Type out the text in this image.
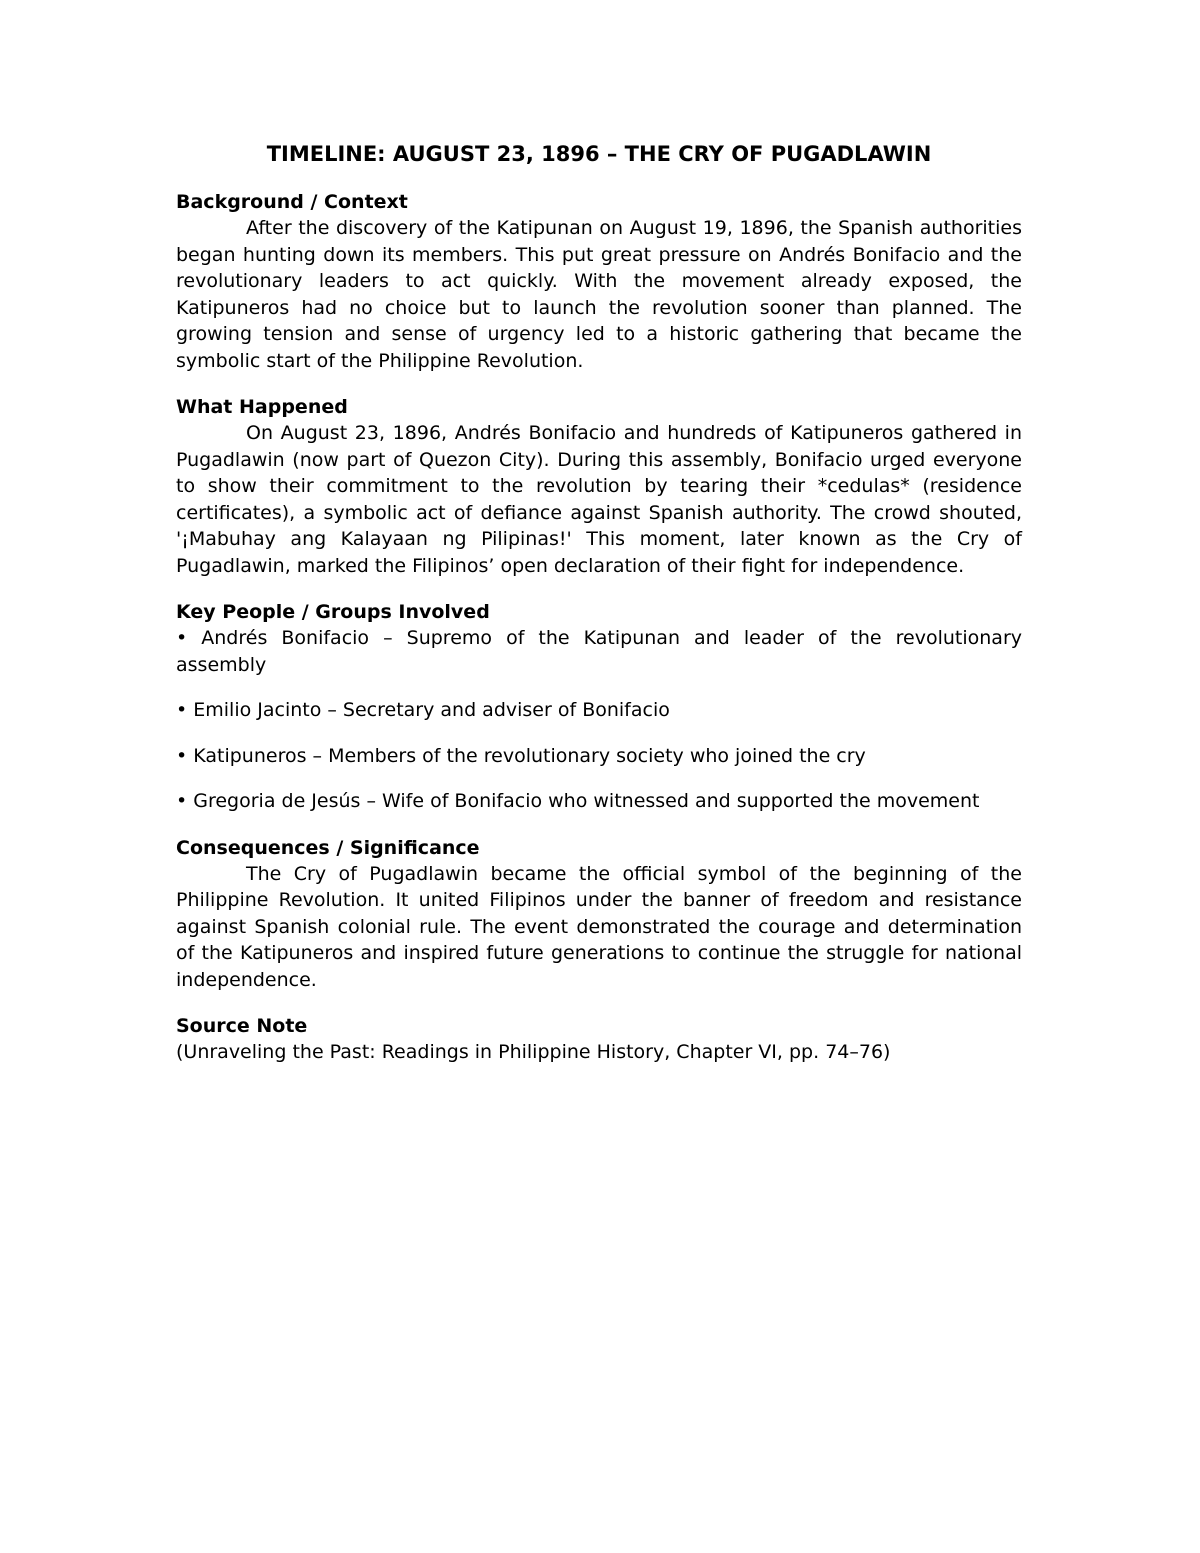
TIMELINE: AUGUST 23, 1896 – THE CRY OF PUGADLAWIN
Background / Context

After the discovery of the Katipunan on August 19, 1896, the Spanish authorities began hunting down its members. This put great pressure on Andrés Bonifacio and the revolutionary leaders to act quickly. With the movement already exposed, the Katipuneros had no choice but to launch the revolution sooner than planned. The growing tension and sense of urgency led to a historic gathering that became the symbolic start of the Philippine Revolution.

What Happened

On August 23, 1896, Andrés Bonifacio and hundreds of Katipuneros gathered in Pugadlawin (now part of Quezon City). During this assembly, Bonifacio urged everyone to show their commitment to the revolution by tearing their *cedulas* (residence certificates), a symbolic act of defiance against Spanish authority. The crowd shouted, '¡Mabuhay ang Kalayaan ng Pilipinas!' This moment, later known as the Cry of Pugadlawin, marked the Filipinos’ open declaration of their fight for independence.

Key People / Groups Involved

• Andrés Bonifacio – Supremo of the Katipunan and leader of the revolutionary assembly

• Emilio Jacinto – Secretary and adviser of Bonifacio

• Katipuneros – Members of the revolutionary society who joined the cry

• Gregoria de Jesús – Wife of Bonifacio who witnessed and supported the movement

Consequences / Significance

The Cry of Pugadlawin became the official symbol of the beginning of the Philippine Revolution. It united Filipinos under the banner of freedom and resistance against Spanish colonial rule. The event demonstrated the courage and determination of the Katipuneros and inspired future generations to continue the struggle for national independence.

Source Note

(Unraveling the Past: Readings in Philippine History, Chapter VI, pp. 74–76)
